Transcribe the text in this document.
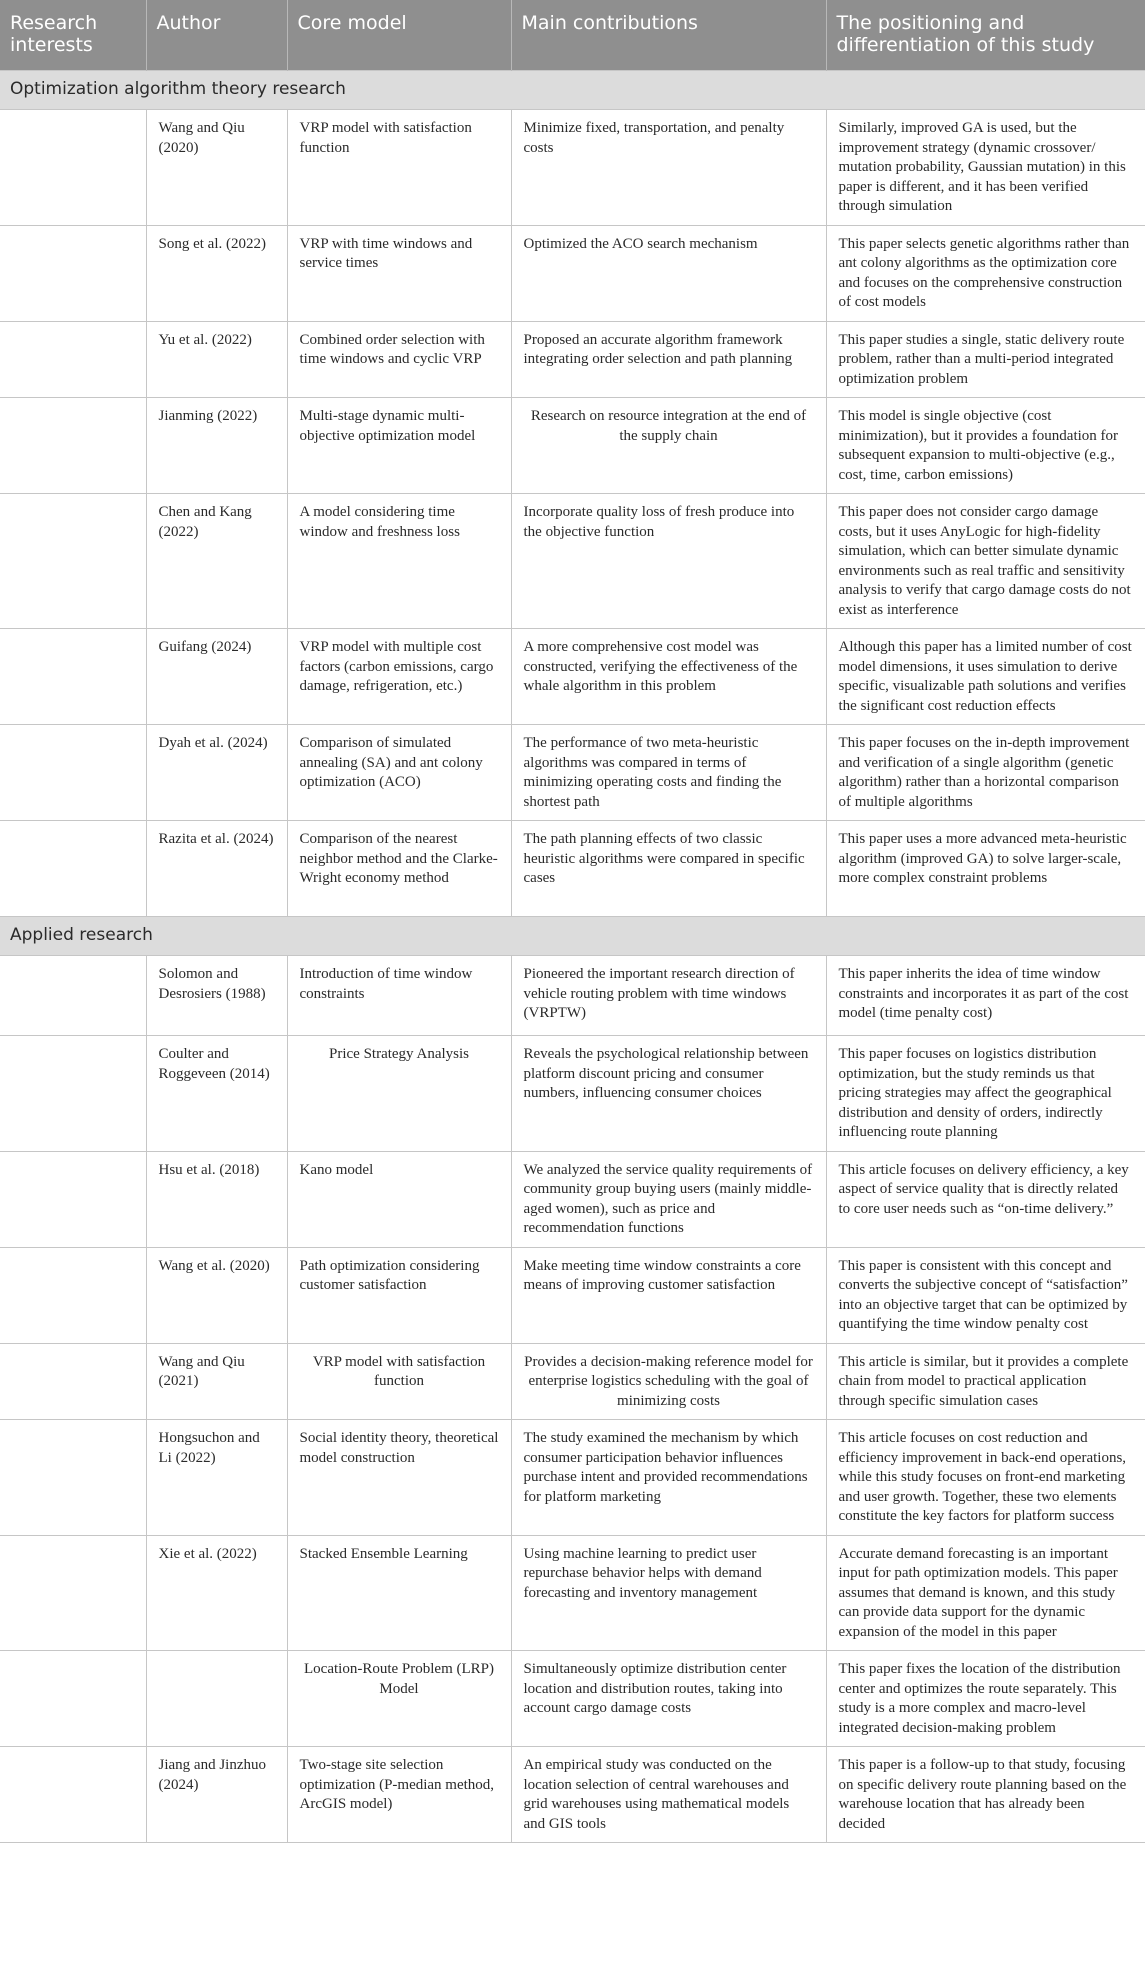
Research interests	Author	Core model	Main contributions	The positioning and differentiation of this study
Optimization algorithm theory research				
	Wang and Qiu (2020)	VRP model with satisfaction function	Minimize fixed, transportation, and penalty costs	Similarly, improved GA is used, but the improvement strategy (dynamic crossover/ mutation probability, Gaussian mutation) in this paper is different, and it has been verified through simulation
	Song et al. (2022)	VRP with time windows and service times	Optimized the ACO search mechanism	This paper selects genetic algorithms rather than ant colony algorithms as the optimization core and focuses on the comprehensive construction of cost models
	Yu et al. (2022)	Combined order selection with time windows and cyclic VRP	Proposed an accurate algorithm framework integrating order selection and path planning	This paper studies a single, static delivery route problem, rather than a multi-period integrated optimization problem
	Jianming (2022)	Multi-stage dynamic multi-objective optimization model	Research on resource integration at the end of the supply chain	This model is single objective (cost minimization), but it provides a foundation for subsequent expansion to multi-objective (e.g., cost, time, carbon emissions)
	Chen and Kang (2022)	A model considering time window and freshness loss	Incorporate quality loss of fresh produce into the objective function	This paper does not consider cargo damage costs, but it uses AnyLogic for high-fidelity simulation, which can better simulate dynamic environments such as real traffic and sensitivity analysis to verify that cargo damage costs do not exist as interference
	Guifang (2024)	VRP model with multiple cost factors (carbon emissions, cargo damage, refrigeration, etc.)	A more comprehensive cost model was constructed, verifying the effectiveness of the whale algorithm in this problem	Although this paper has a limited number of cost model dimensions, it uses simulation to derive specific, visualizable path solutions and verifies the significant cost reduction effects
	Dyah et al. (2024)	Comparison of simulated annealing (SA) and ant colony optimization (ACO)	The performance of two meta-heuristic algorithms was compared in terms of minimizing operating costs and finding the shortest path	This paper focuses on the in-depth improvement and verification of a single algorithm (genetic algorithm) rather than a horizontal comparison of multiple algorithms
	Razita et al. (2024)	Comparison of the nearest neighbor method and the Clarke-Wright economy method	The path planning effects of two classic heuristic algorithms were compared in specific cases	This paper uses a more advanced meta-heuristic algorithm (improved GA) to solve larger-scale, more complex constraint problems
Applied research				
	Solomon and Desrosiers (1988)	Introduction of time window constraints	Pioneered the important research direction of vehicle routing problem with time windows (VRPTW)	This paper inherits the idea of time window constraints and incorporates it as part of the cost model (time penalty cost)
	Coulter and Roggeveen (2014)	Price Strategy Analysis	Reveals the psychological relationship between platform discount pricing and consumer numbers, influencing consumer choices	This paper focuses on logistics distribution optimization, but the study reminds us that pricing strategies may affect the geographical distribution and density of orders, indirectly influencing route planning
	Hsu et al. (2018)	Kano model	We analyzed the service quality requirements of community group buying users (mainly middle-aged women), such as price and recommendation functions	This article focuses on delivery efficiency, a key aspect of service quality that is directly related to core user needs such as “on-time delivery.”
	Wang et al. (2020)	Path optimization considering customer satisfaction	Make meeting time window constraints a core means of improving customer satisfaction	This paper is consistent with this concept and converts the subjective concept of “satisfaction” into an objective target that can be optimized by quantifying the time window penalty cost
	Wang and Qiu (2021)	VRP model with satisfaction function	Provides a decision-making reference model for enterprise logistics scheduling with the goal of minimizing costs	This article is similar, but it provides a complete chain from model to practical application through specific simulation cases
	Hongsuchon and Li (2022)	Social identity theory, theoretical model construction	The study examined the mechanism by which consumer participation behavior influences purchase intent and provided recommendations for platform marketing	This article focuses on cost reduction and efficiency improvement in back-end operations, while this study focuses on front-end marketing and user growth. Together, these two elements constitute the key factors for platform success
	Xie et al. (2022)	Stacked Ensemble Learning	Using machine learning to predict user repurchase behavior helps with demand forecasting and inventory management	Accurate demand forecasting is an important input for path optimization models. This paper assumes that demand is known, and this study can provide data support for the dynamic expansion of the model in this paper
		Location-Route Problem (LRP) Model	Simultaneously optimize distribution center location and distribution routes, taking into account cargo damage costs	This paper fixes the location of the distribution center and optimizes the route separately. This study is a more complex and macro-level integrated decision-making problem
	Jiang and Jinzhuo (2024)	Two-stage site selection optimization (P-median method, ArcGIS model)	An empirical study was conducted on the location selection of central warehouses and grid warehouses using mathematical models and GIS tools	This paper is a follow-up to that study, focusing on specific delivery route planning based on the warehouse location that has already been decided
